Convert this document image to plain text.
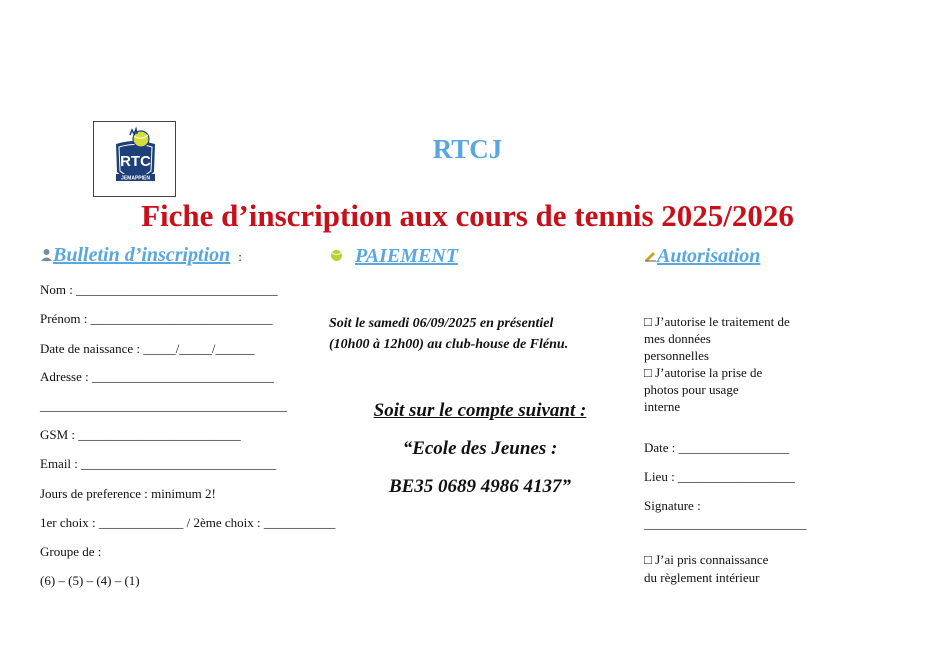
RTC
JEMAPPIEN
RTCJ
Fiche d’inscription aux cours de tennis 2025/2026
Bulletin d’inscription :
Nom : _______________________________
Prénom : ____________________________
Date de naissance : _____/_____/______
Adresse : ____________________________
______________________________________
GSM : _________________________
Email : ______________________________
Jours de preference : minimum 2!
1er choix : _____________ / 2ème choix : ___________
Groupe de :
(6) – (5) – (4) – (1)
PAIEMENT
Soit le samedi 06/09/2025 en présentiel
(10h00 à 12h00) au club-house de Flénu.
Soit sur le compte suivant :
“Ecole des Jeunes :
BE35 0689 4986 4137”
Autorisation
□ J’autorise le traitement de
mes données
personnelles
□ J’autorise la prise de
photos pour usage
interne
Date : _________________
Lieu : __________________
Signature :
_________________________
□ J’ai pris connaissance
du règlement intérieur
